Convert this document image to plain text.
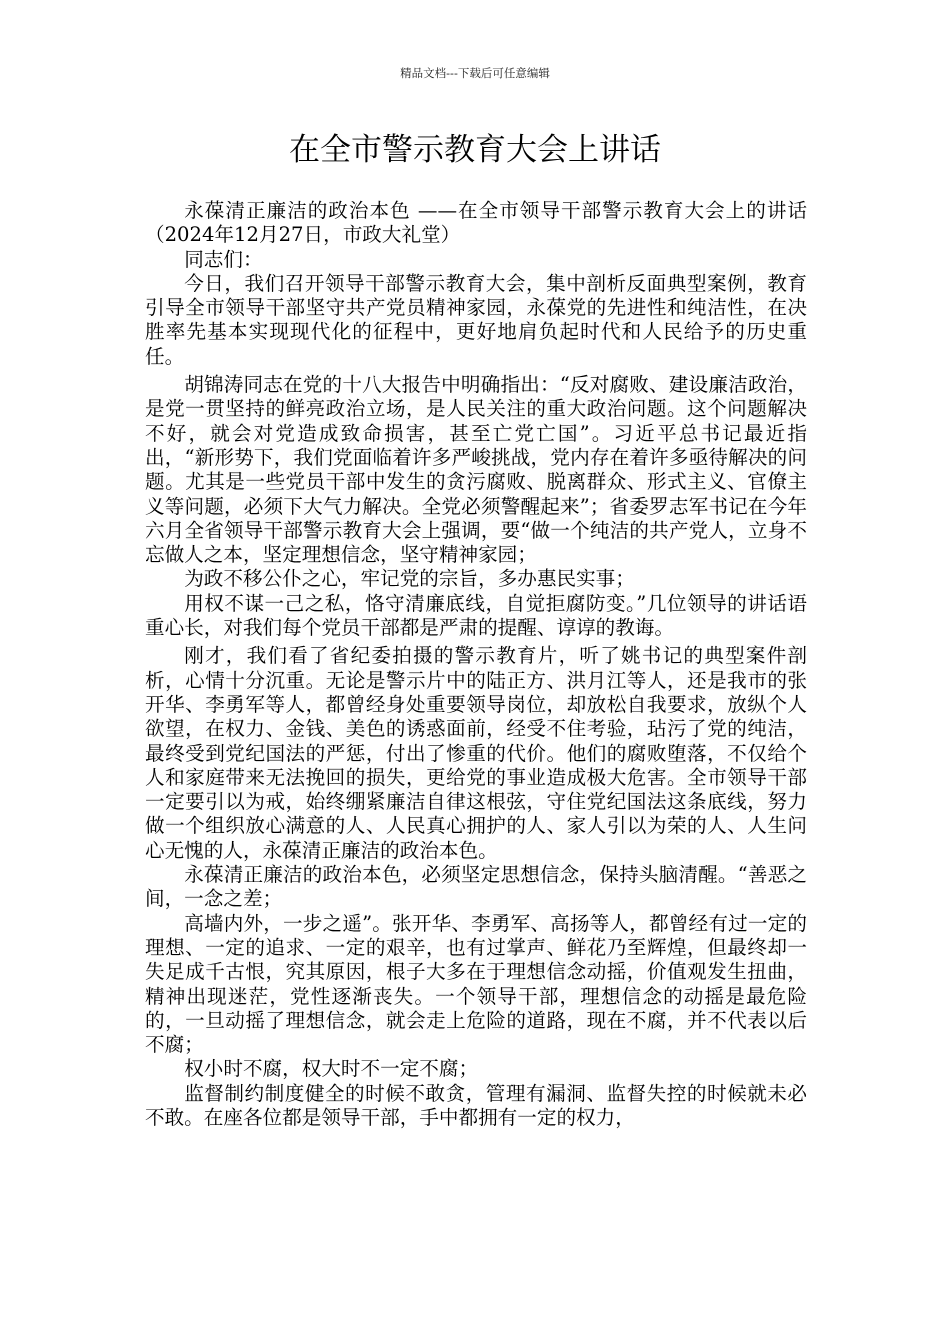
精品文档---下载后可任意编辑
在全市警示教育大会上讲话

永葆清正廉洁的政治本色 ——在全市领导干部警示教育大会上的讲话 （2024年12月27日，市政大礼堂）

同志们：

今日，我们召开领导干部警示教育大会，集中剖析反面典型案例，教育引导全市领导干部坚守共产党员精神家园，永葆党的先进性和纯洁性，在决胜率先基本实现现代化的征程中，更好地肩负起时代和人民给予的历史重任。

胡锦涛同志在党的十八大报告中明确指出：“反对腐败、建设廉洁政治，是党一贯坚持的鲜亮政治立场，是人民关注的重大政治问题。这个问题解决不好，就会对党造成致命损害，甚至亡党亡国”。习近平总书记最近指出，“新形势下，我们党面临着许多严峻挑战，党内存在着许多亟待解决的问题。尤其是一些党员干部中发生的贪污腐败、脱离群众、形式主义、官僚主义等问题，必须下大气力解决。全党必须警醒起来”；省委罗志军书记在今年六月全省领导干部警示教育大会上强调，要“做一个纯洁的共产党人，立身不忘做人之本，坚定理想信念，坚守精神家园；

为政不移公仆之心，牢记党的宗旨，多办惠民实事；

用权不谋一己之私，恪守清廉底线，自觉拒腐防变。”几位领导的讲话语重心长，对我们每个党员干部都是严肃的提醒、谆谆的教诲。

刚才，我们看了省纪委拍摄的警示教育片，听了姚书记的典型案件剖析，心情十分沉重。无论是警示片中的陆正方、洪月江等人，还是我市的张开华、李勇军等人，都曾经身处重要领导岗位，却放松自我要求，放纵个人欲望，在权力、金钱、美色的诱惑面前，经受不住考验，玷污了党的纯洁，最终受到党纪国法的严惩，付出了惨重的代价。他们的腐败堕落，不仅给个人和家庭带来无法挽回的损失，更给党的事业造成极大危害。全市领导干部一定要引以为戒，始终绷紧廉洁自律这根弦，守住党纪国法这条底线，努力做一个组织放心满意的人、人民真心拥护的人、家人引以为荣的人、人生问心无愧的人，永葆清正廉洁的政治本色。

永葆清正廉洁的政治本色，必须坚定思想信念，保持头脑清醒。“善恶之间，一念之差；

高墙内外，一步之遥”。张开华、李勇军、高扬等人，都曾经有过一定的理想、一定的追求、一定的艰辛，也有过掌声、鲜花乃至辉煌，但最终却一失足成千古恨，究其原因，根子大多在于理想信念动摇，价值观发生扭曲，精神出现迷茫，党性逐渐丧失。一个领导干部，理想信念的动摇是最危险的，一旦动摇了理想信念，就会走上危险的道路，现在不腐，并不代表以后不腐；

权小时不腐，权大时不一定不腐；

监督制约制度健全的时候不敢贪，管理有漏洞、监督失控的时候就未必不敢。在座各位都是领导干部，手中都拥有一定的权力，
